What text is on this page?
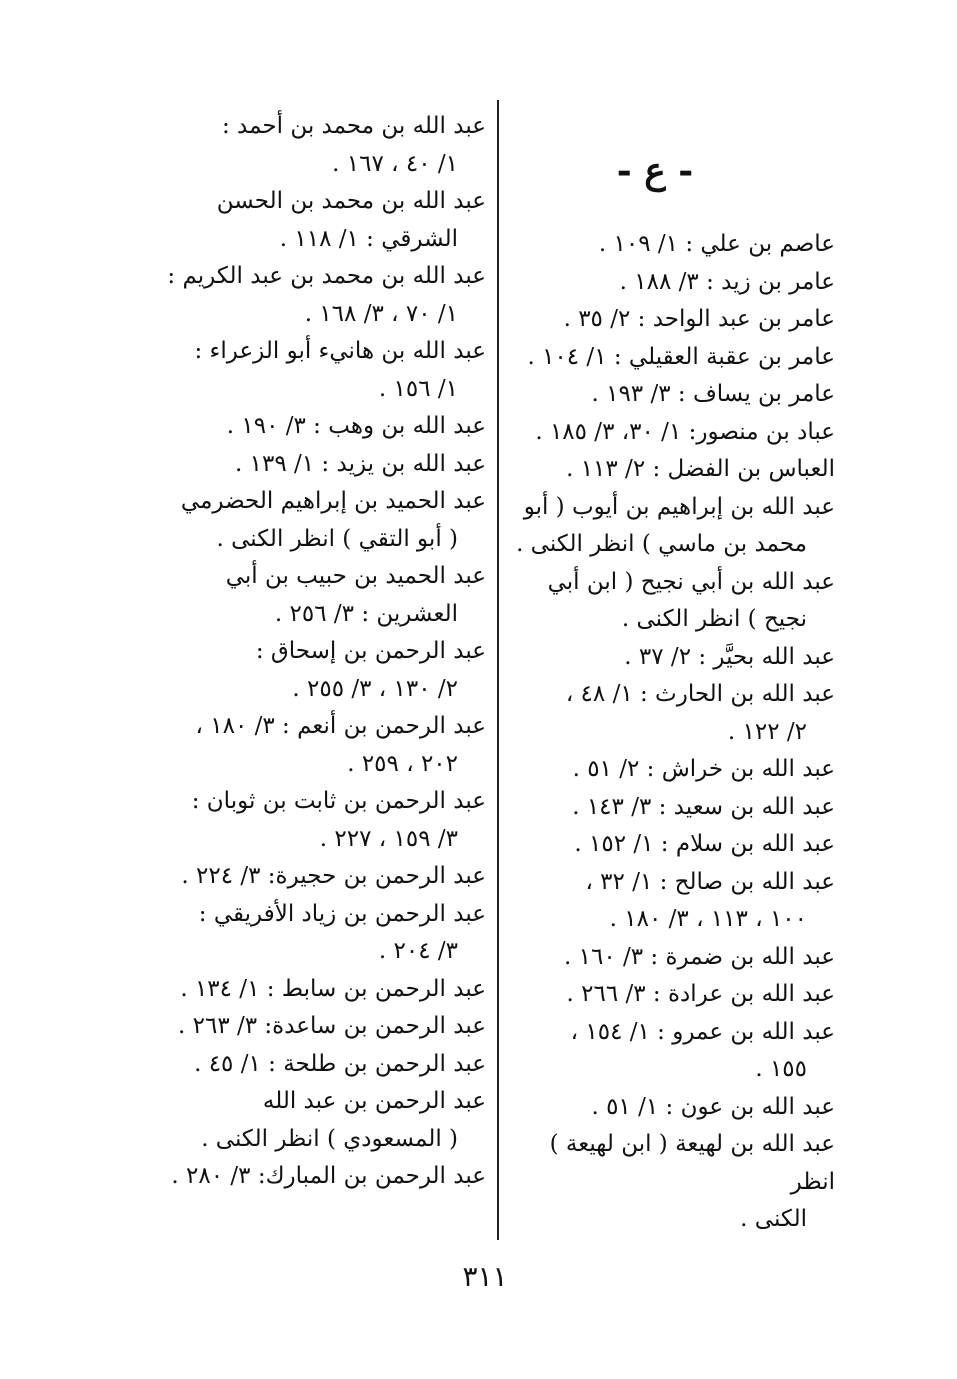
- ع -
عاصم بن علي : ١/ ١٠٩ .
عامر بن زيد : ٣/ ١٨٨ .
عامر بن عبد الواحد : ٢/ ٣٥ .
عامر بن عقبة العقيلي : ١/ ١٠٤ .
عامر بن يساف : ٣/ ١٩٣ .
عباد بن منصور: ١/ ٣٠، ٣/ ١٨٥ .
العباس بن الفضل : ٢/ ١١٣ .
عبد الله بن إبراهيم بن أيوب ( أبو
محمد بن ماسي ) انظر الكنى .
عبد الله بن أبي نجيح ( ابن أبي
نجيح ) انظر الكنى .
عبد الله بحيَّر : ٢/ ٣٧ .
عبد الله بن الحارث : ١/ ٤٨ ،
٢/ ١٢٢ .
عبد الله بن خراش : ٢/ ٥١ .
عبد الله بن سعيد : ٣/ ١٤٣ .
عبد الله بن سلام : ١/ ١٥٢ .
عبد الله بن صالح : ١/ ٣٢ ،
١٠٠ ، ١١٣ ، ٣/ ١٨٠ .
عبد الله بن ضمرة : ٣/ ١٦٠ .
عبد الله بن عرادة : ٣/ ٢٦٦ .
عبد الله بن عمرو : ١/ ١٥٤ ،
١٥٥ .
عبد الله بن عون : ١/ ٥١ .
عبد الله بن لهيعة ( ابن لهيعة ) انظر
الكنى .
عبد الله بن محمد بن أحمد :
١/ ٤٠ ، ١٦٧ .
عبد الله بن محمد بن الحسن
الشرقي : ١/ ١١٨ .
عبد الله بن محمد بن عبد الكريم :
١/ ٧٠ ، ٣/ ١٦٨ .
عبد الله بن هانيء أبو الزعراء :
١/ ١٥٦ .
عبد الله بن وهب : ٣/ ١٩٠ .
عبد الله بن يزيد : ١/ ١٣٩ .
عبد الحميد بن إبراهيم الحضرمي
( أبو التقي ) انظر الكنى .
عبد الحميد بن حبيب بن أبي
العشرين : ٣/ ٢٥٦ .
عبد الرحمن بن إسحاق :
٢/ ١٣٠ ، ٣/ ٢٥٥ .
عبد الرحمن بن أنعم : ٣/ ١٨٠ ،
٢٠٢ ، ٢٥٩ .
عبد الرحمن بن ثابت بن ثوبان :
٣/ ١٥٩ ، ٢٢٧ .
عبد الرحمن بن حجيرة: ٣/ ٢٢٤ .
عبد الرحمن بن زياد الأفريقي :
٣/ ٢٠٤ .
عبد الرحمن بن سابط : ١/ ١٣٤ .
عبد الرحمن بن ساعدة: ٣/ ٢٦٣ .
عبد الرحمن بن طلحة : ١/ ٤٥ .
عبد الرحمن بن عبد الله
( المسعودي ) انظر الكنى .
عبد الرحمن بن المبارك: ٣/ ٢٨٠ .
٣١١
